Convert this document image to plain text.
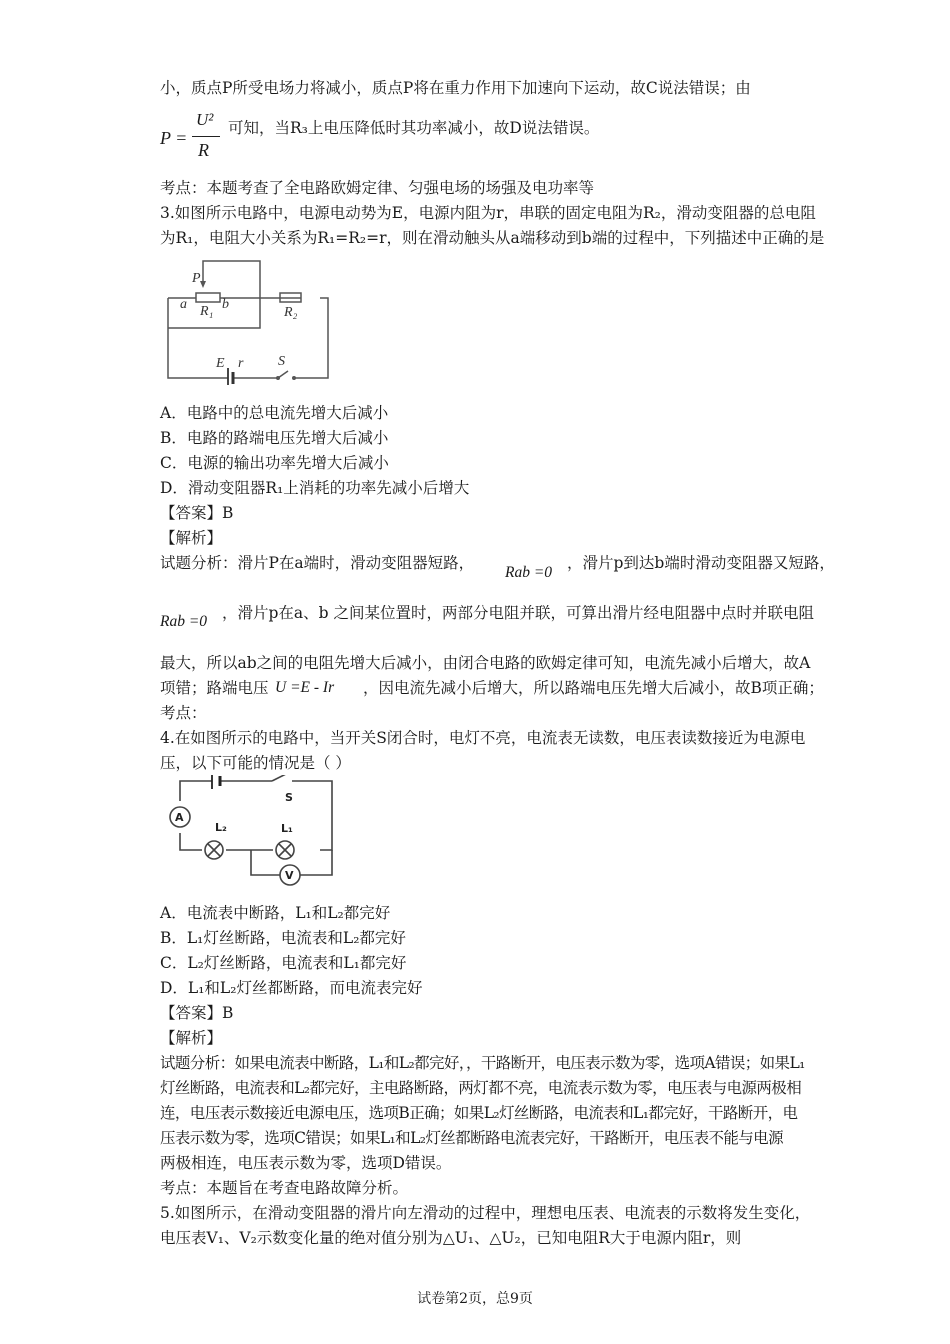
小，质点P所受电场力将减小，质点P将在重力作用下加速向下运动，故C说法错误；由
P =
U²
R
可知，当R₃上电压降低时其功率减小，故D说法错误。
考点：本题考查了全电路欧姆定律、匀强电场的场强及电功率等
3.如图所示电路中，电源电动势为E，电源内阻为r，串联的固定电阻为R₂，滑动变阻器的总电阻
为R₁，电阻大小关系为R₁=R₂=r，则在滑动触头从a端移动到b端的过程中，下列描述中正确的是
P
a	b
R₁	R₂
E r S
A．电路中的总电流先增大后减小
B．电路的路端电压先增大后减小
C．电源的输出功率先增大后减小
D．滑动变阻器R₁上消耗的功率先减小后增大
【答案】B
【解析】
试题分析：滑片P在a端时，滑动变阻器短路，
Rab =0
，滑片p到达b端时滑动变阻器又短路，
Rab =0 ，滑片p在a、b 之间某位置时，两部分电阻并联，可算出滑片经电阻器中点时并联电阻
最大，所以ab之间的电阻先增大后减小，由闭合电路的欧姆定律可知，电流先减小后增大，故A
项错；路端电压 U =E - Ir ，因电流先减小后增大，所以路端电压先增大后减小，故B项正确；
考点：
4.在如图所示的电路中，当开关S闭合时，电灯不亮，电流表无读数，电压表读数接近为电源电
压，以下可能的情况是（ ）
A
S
L₂	L₁
V
A．电流表中断路，L₁和L₂都完好
B．L₁灯丝断路，电流表和L₂都完好
C．L₂灯丝断路，电流表和L₁都完好
D．L₁和L₂灯丝都断路，而电流表完好
【答案】B
【解析】
试题分析：如果电流表中断路，L₁和L₂都完好，，干路断开，电压表示数为零，选项A错误；如果L₁
灯丝断路，电流表和L₂都完好，主电路断路，两灯都不亮，电流表示数为零，电压表与电源两极相
连，电压表示数接近电源电压，选项B正确；如果L₂灯丝断路，电流表和L₁都完好，干路断开，电
压表示数为零，选项C错误；如果L₁和L₂灯丝都断路电流表完好，干路断开，电压表不能与电源
两极相连，电压表示数为零，选项D错误。
考点：本题旨在考查电路故障分析。
5.如图所示，在滑动变阻器的滑片向左滑动的过程中，理想电压表、电流表的示数将发生变化，
电压表V₁、V₂示数变化量的绝对值分别为△U₁、△U₂，已知电阻R大于电源内阻r，则
试卷第2页，总9页
